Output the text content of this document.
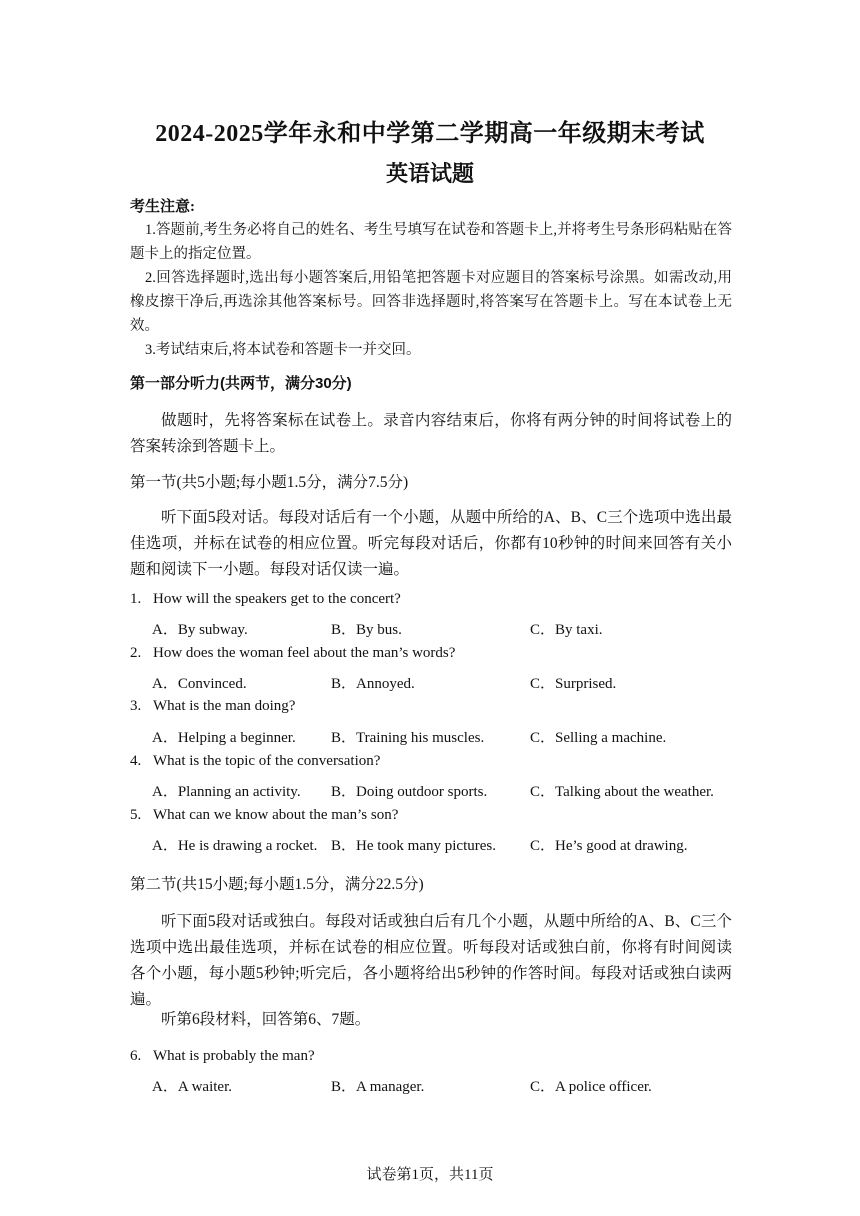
2024-2025学年永和中学第二学期高一年级期末考试
英语试题
考生注意:
1.答题前,考生务必将自己的姓名、考生号填写在试卷和答题卡上,并将考生号条形码粘贴在答题卡上的指定位置。
2.回答选择题时,选出每小题答案后,用铅笔把答题卡对应题目的答案标号涂黑。如需改动,用橡皮擦干净后,再选涂其他答案标号。回答非选择题时,将答案写在答题卡上。写在本试卷上无效。
3.考试结束后,将本试卷和答题卡一并交回。
第一部分听力(共两节，满分30分)
做题时，先将答案标在试卷上。录音内容结束后，你将有两分钟的时间将试卷上的答案转涂到答题卡上。
第一节(共5小题;每小题1.5分，满分7.5分)
听下面5段对话。每段对话后有一个小题，从题中所给的A、B、C三个选项中选出最佳选项，并标在试卷的相应位置。听完每段对话后，你都有10秒钟的时间来回答有关小题和阅读下一小题。每段对话仅读一遍。
1. How will the speakers get to the concert?
A．By subway.	B．By bus.	C．By taxi.
2. How does the woman feel about the man’s words?
A．Convinced.	B．Annoyed.	C．Surprised.
3. What is the man doing?
A．Helping a beginner. B．Training his muscles.	C．Selling a machine.
4. What is the topic of the conversation?
A．Planning an activity. B．Doing outdoor sports.	C．Talking about the weather.
5. What can we know about the man’s son?
A．He is drawing a rocket. B．He took many pictures. C．He’s good at drawing.
第二节(共15小题;每小题1.5分，满分22.5分)
听下面5段对话或独白。每段对话或独白后有几个小题，从题中所给的A、B、C三个选项中选出最佳选项，并标在试卷的相应位置。听每段对话或独白前，你将有时间阅读各个小题，每小题5秒钟;听完后，各小题将给出5秒钟的作答时间。每段对话或独白读两遍。
听第6段材料，回答第6、7题。
6. What is probably the man?
A．A waiter.	B．A manager.	C．A police officer.
试卷第1页，共11页
